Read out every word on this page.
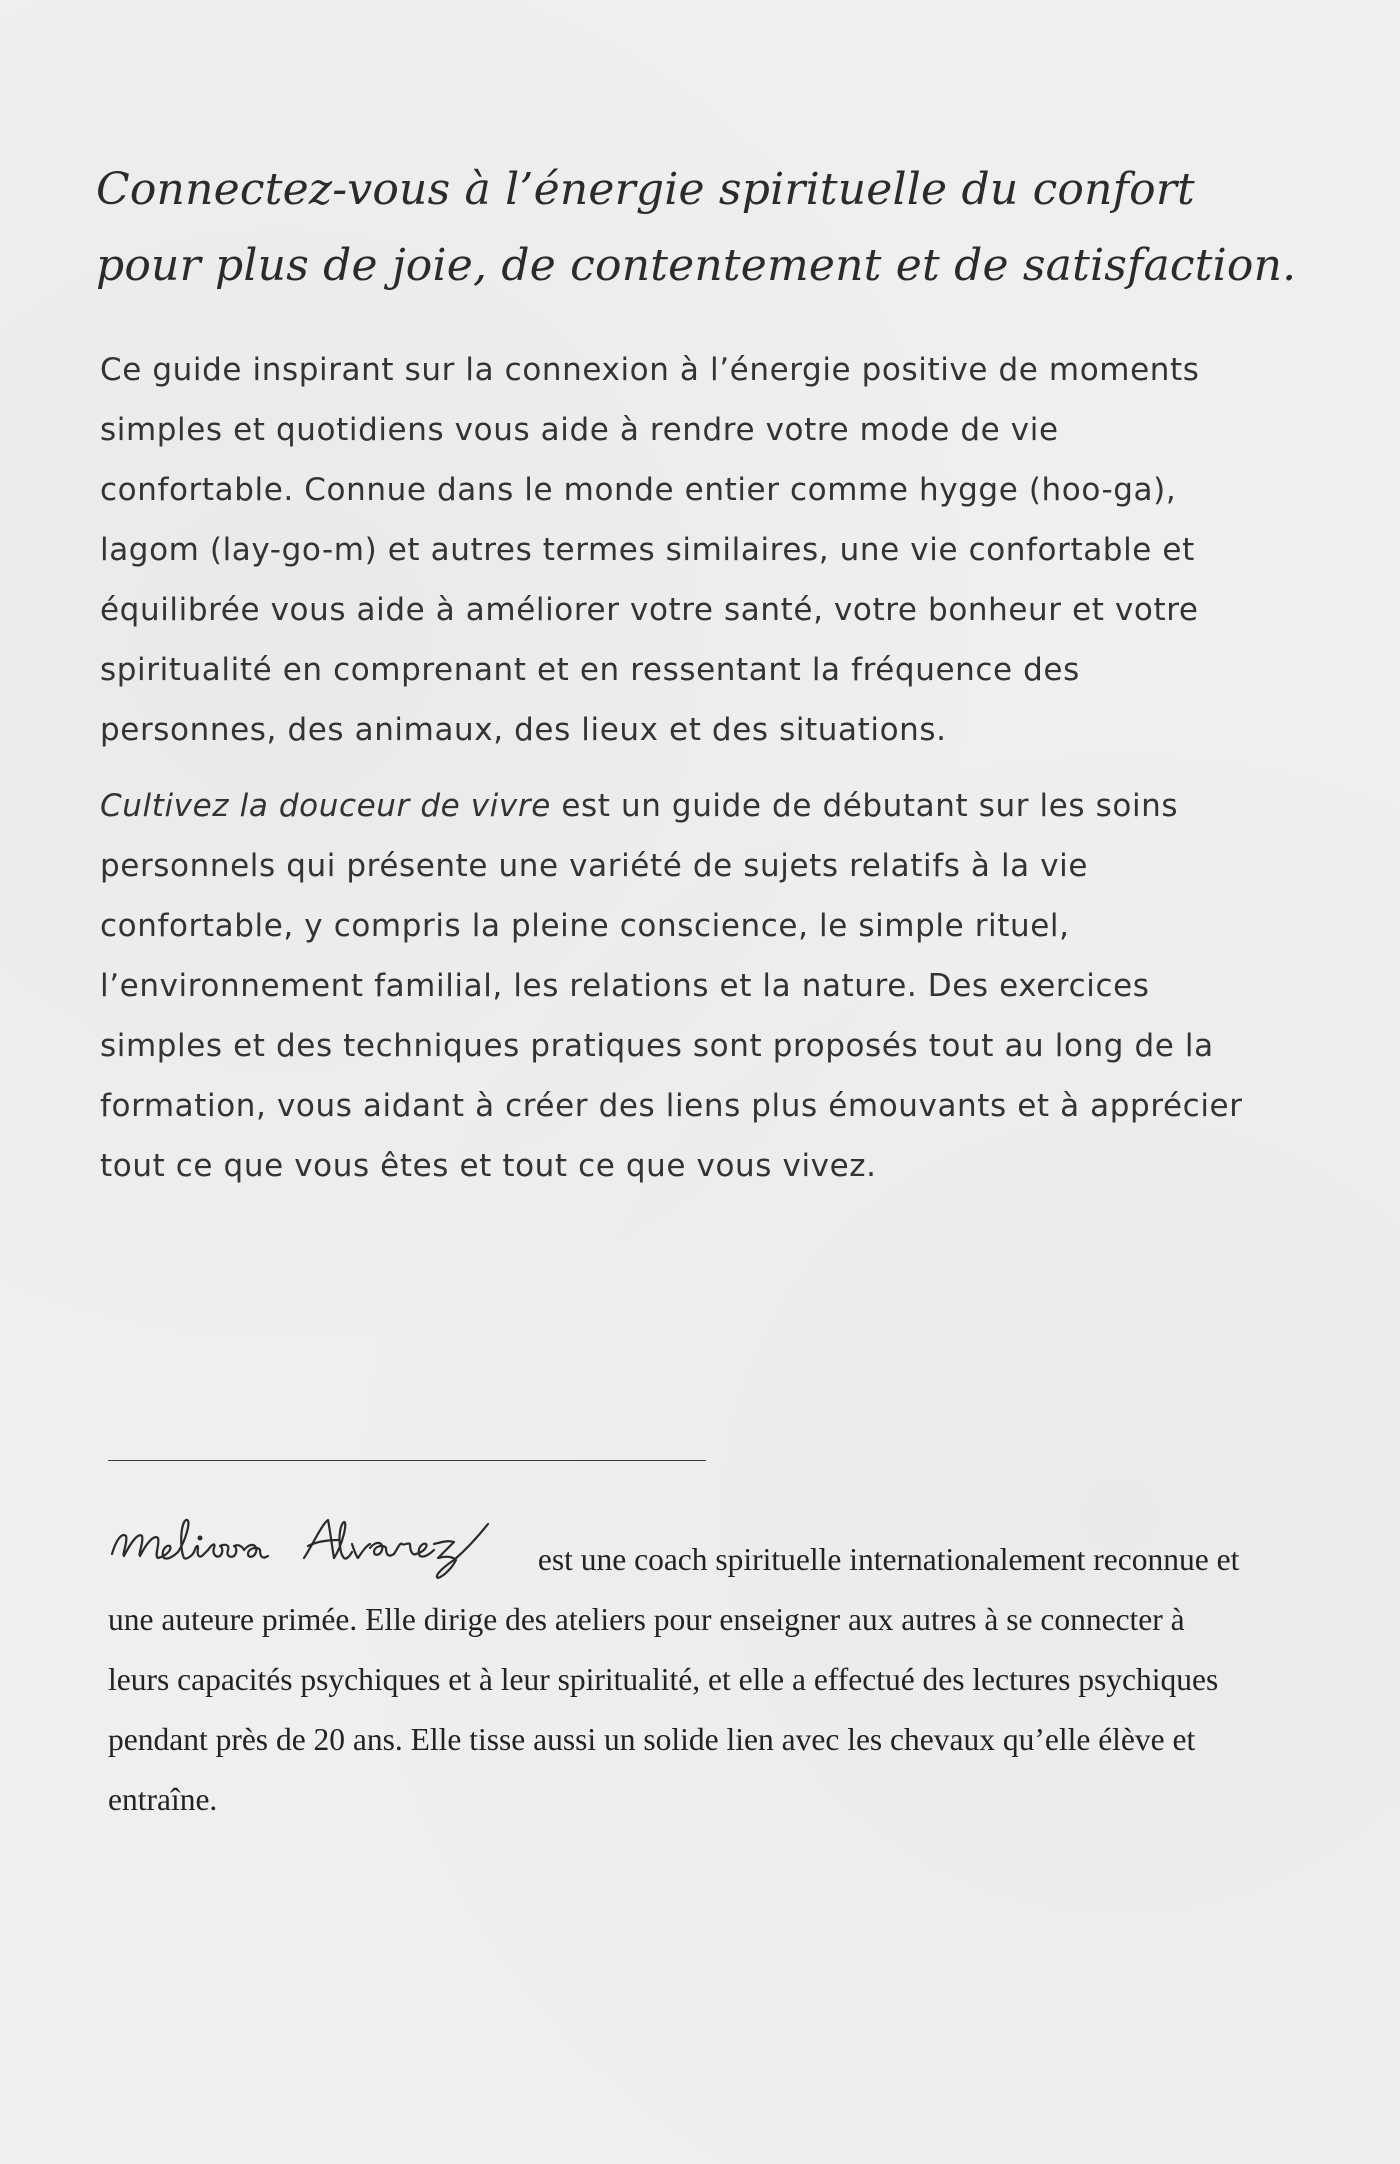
Connectez-vous à l’énergie spirituelle du confort
pour plus de joie, de contentement et de satisfaction.

Ce guide inspirant sur la connexion à l’énergie positive de moments simples et quotidiens vous aide à rendre votre mode de vie confortable. Connue dans le monde entier comme hygge (hoo-ga), lagom (lay-go-m) et autres termes similaires, une vie confortable et équilibrée vous aide à améliorer votre santé, votre bonheur et votre spiritualité en comprenant et en ressentant la fréquence des personnes, des animaux, des lieux et des situations.

Cultivez la douceur de vivre est un guide de débutant sur les soins personnels qui présente une variété de sujets relatifs à la vie confortable, y compris la pleine conscience, le simple rituel, l’environnement familial, les relations et la nature. Des exercices simples et des techniques pratiques sont proposés tout au long de la formation, vous aidant à créer des liens plus émouvants et à apprécier tout ce que vous êtes et tout ce que vous vivez.

est une coach spirituelle internationalement reconnue et une auteure primée. Elle dirige des ateliers pour enseigner aux autres à se connecter à leurs capacités psychiques et à leur spiritualité, et elle a effectué des lectures psychiques pendant près de 20 ans. Elle tisse aussi un solide lien avec les chevaux qu’elle élève et entraîne.
